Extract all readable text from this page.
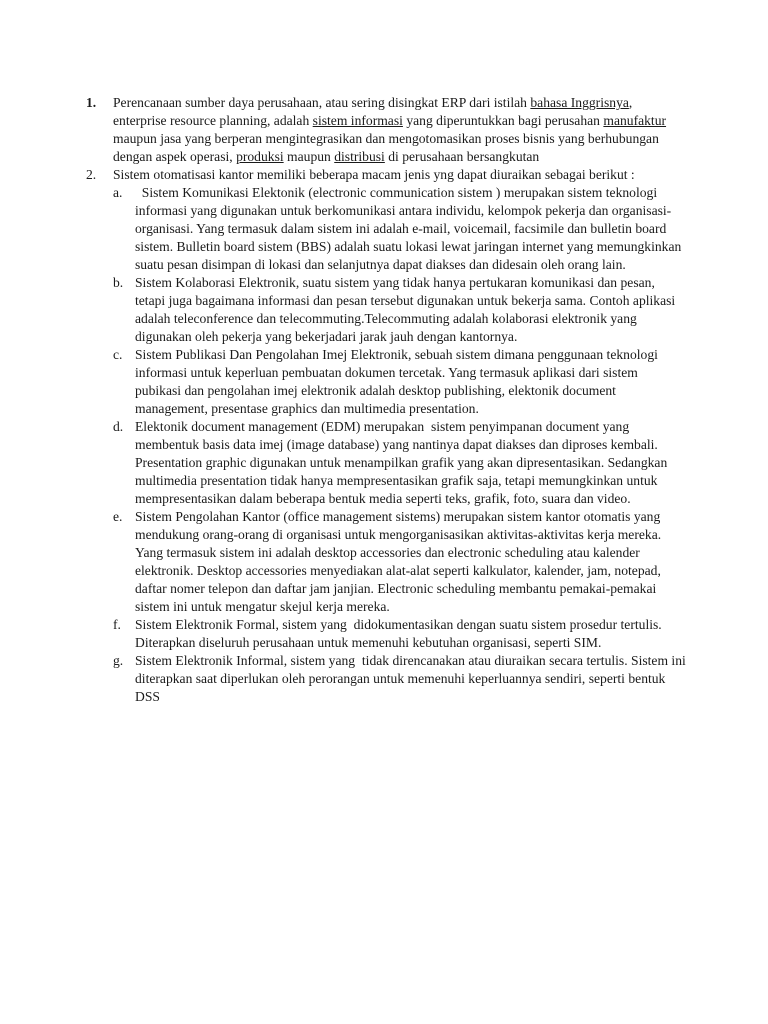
1.	Perencanaan sumber daya perusahaan, atau sering disingkat ERP dari istilah bahasa Inggrisnya, enterprise resource planning, adalah sistem informasi yang diperuntukkan bagi perusahan manufaktur maupun jasa yang berperan mengintegrasikan dan mengotomasikan proses bisnis yang berhubungan dengan aspek operasi, produksi maupun distribusi di perusahaan bersangkutan

2.	Sistem otomatisasi kantor memiliki beberapa macam jenis yng dapat diuraikan sebagai berikut :

a. Sistem Komunikasi Elektonik (electronic communication sistem ) merupakan sistem teknologi informasi yang digunakan untuk berkomunikasi antara individu, kelompok pekerja dan organisasi-organisasi. Yang termasuk dalam sistem ini adalah e-mail, voicemail, facsimile dan bulletin board sistem. Bulletin board sistem (BBS) adalah suatu lokasi lewat jaringan internet yang memungkinkan suatu pesan disimpan di lokasi dan selanjutnya dapat diakses dan didesain oleh orang lain.

b. Sistem Kolaborasi Elektronik, suatu sistem yang tidak hanya pertukaran komunikasi dan pesan, tetapi juga bagaimana informasi dan pesan tersebut digunakan untuk bekerja sama. Contoh aplikasi adalah teleconference dan telecommuting.Telecommuting adalah kolaborasi elektronik yang digunakan oleh pekerja yang bekerjadari jarak jauh dengan kantornya.

c. Sistem Publikasi Dan Pengolahan Imej Elektronik, sebuah sistem dimana penggunaan teknologi informasi untuk keperluan pembuatan dokumen tercetak. Yang termasuk aplikasi dari sistem pubikasi dan pengolahan imej elektronik adalah desktop publishing, elektonik document management, presentase graphics dan multimedia presentation.

d. Elektonik document management (EDM) merupakan  sistem penyimpanan document yang membentuk basis data imej (image database) yang nantinya dapat diakses dan diproses kembali. Presentation graphic digunakan untuk menampilkan grafik yang akan dipresentasikan. Sedangkan multimedia presentation tidak hanya mempresentasikan grafik saja, tetapi memungkinkan untuk mempresentasikan dalam beberapa bentuk media seperti teks, grafik, foto, suara dan video.

e. Sistem Pengolahan Kantor (office management sistems) merupakan sistem kantor otomatis yang mendukung orang-orang di organisasi untuk mengorganisasikan aktivitas-aktivitas kerja mereka. Yang termasuk sistem ini adalah desktop accessories dan electronic scheduling atau kalender elektronik. Desktop accessories menyediakan alat-alat seperti kalkulator, kalender, jam, notepad, daftar nomer telepon dan daftar jam janjian. Electronic scheduling membantu pemakai-pemakai sistem ini untuk mengatur skejul kerja mereka.

f.	Sistem Elektronik Formal, sistem yang  didokumentasikan dengan suatu sistem prosedur tertulis. Diterapkan diseluruh perusahaan untuk memenuhi kebutuhan organisasi, seperti SIM.

g. Sistem Elektronik Informal, sistem yang  tidak direncanakan atau diuraikan secara tertulis. Sistem ini diterapkan saat diperlukan oleh perorangan untuk memenuhi keperluannya sendiri, seperti bentuk DSS
